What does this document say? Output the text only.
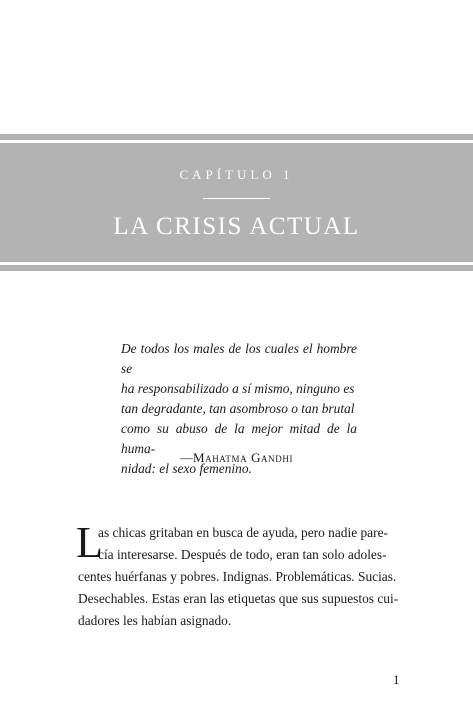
CAPÍTULO 1
LA CRISIS ACTUAL
De todos los males de los cuales el hombre se
ha responsabilizado a sí mismo, ninguno es
tan degradante, tan asombroso o tan brutal
como su abuso de la mejor mitad de la huma-
nidad: el sexo femenino.
—Mahatma Gandhi
L
as chicas gritaban en busca de ayuda, pero nadie pare-
cía interesarse. Después de todo, eran tan solo adoles-
centes huérfanas y pobres. Indignas. Problemáticas. Sucias.
Desechables. Estas eran las etiquetas que sus supuestos cui-
dadores les habían asignado.
1
